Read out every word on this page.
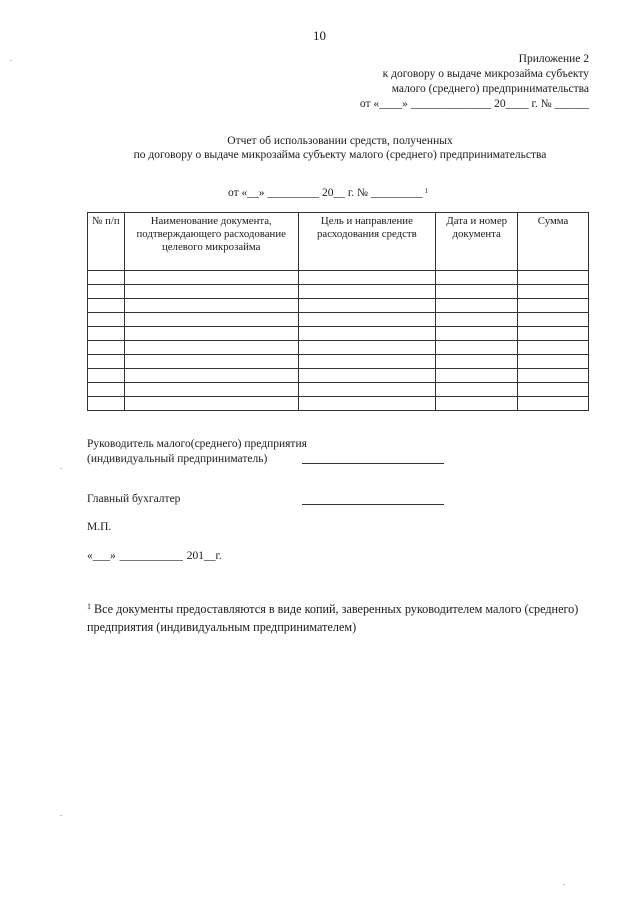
10
Приложение 2
к договору о выдаче микрозайма субъекту
малого (среднего) предпринимательства
от «____» ______________ 20____ г. № ______
Отчет об использовании средств, полученных
по договору о выдаче микрозайма субъекту малого (среднего) предпринимательства
от «__» _________ 20__ г. № _________ $^1$
№ п/п	Наименование документа, подтверждающего расходование целевого микрозайма	Цель и направление расходования средств	Дата и номер документа	Сумма

Руководитель малого(среднего) предприятия
(индивидуальный предприниматель)
Главный бухгалтер
М.П.
«___» ___________ 201__г.
$^1$ Все документы предоставляются в виде копий, заверенных руководителем малого (среднего) предприятия (индивидуальным предпринимателем)
